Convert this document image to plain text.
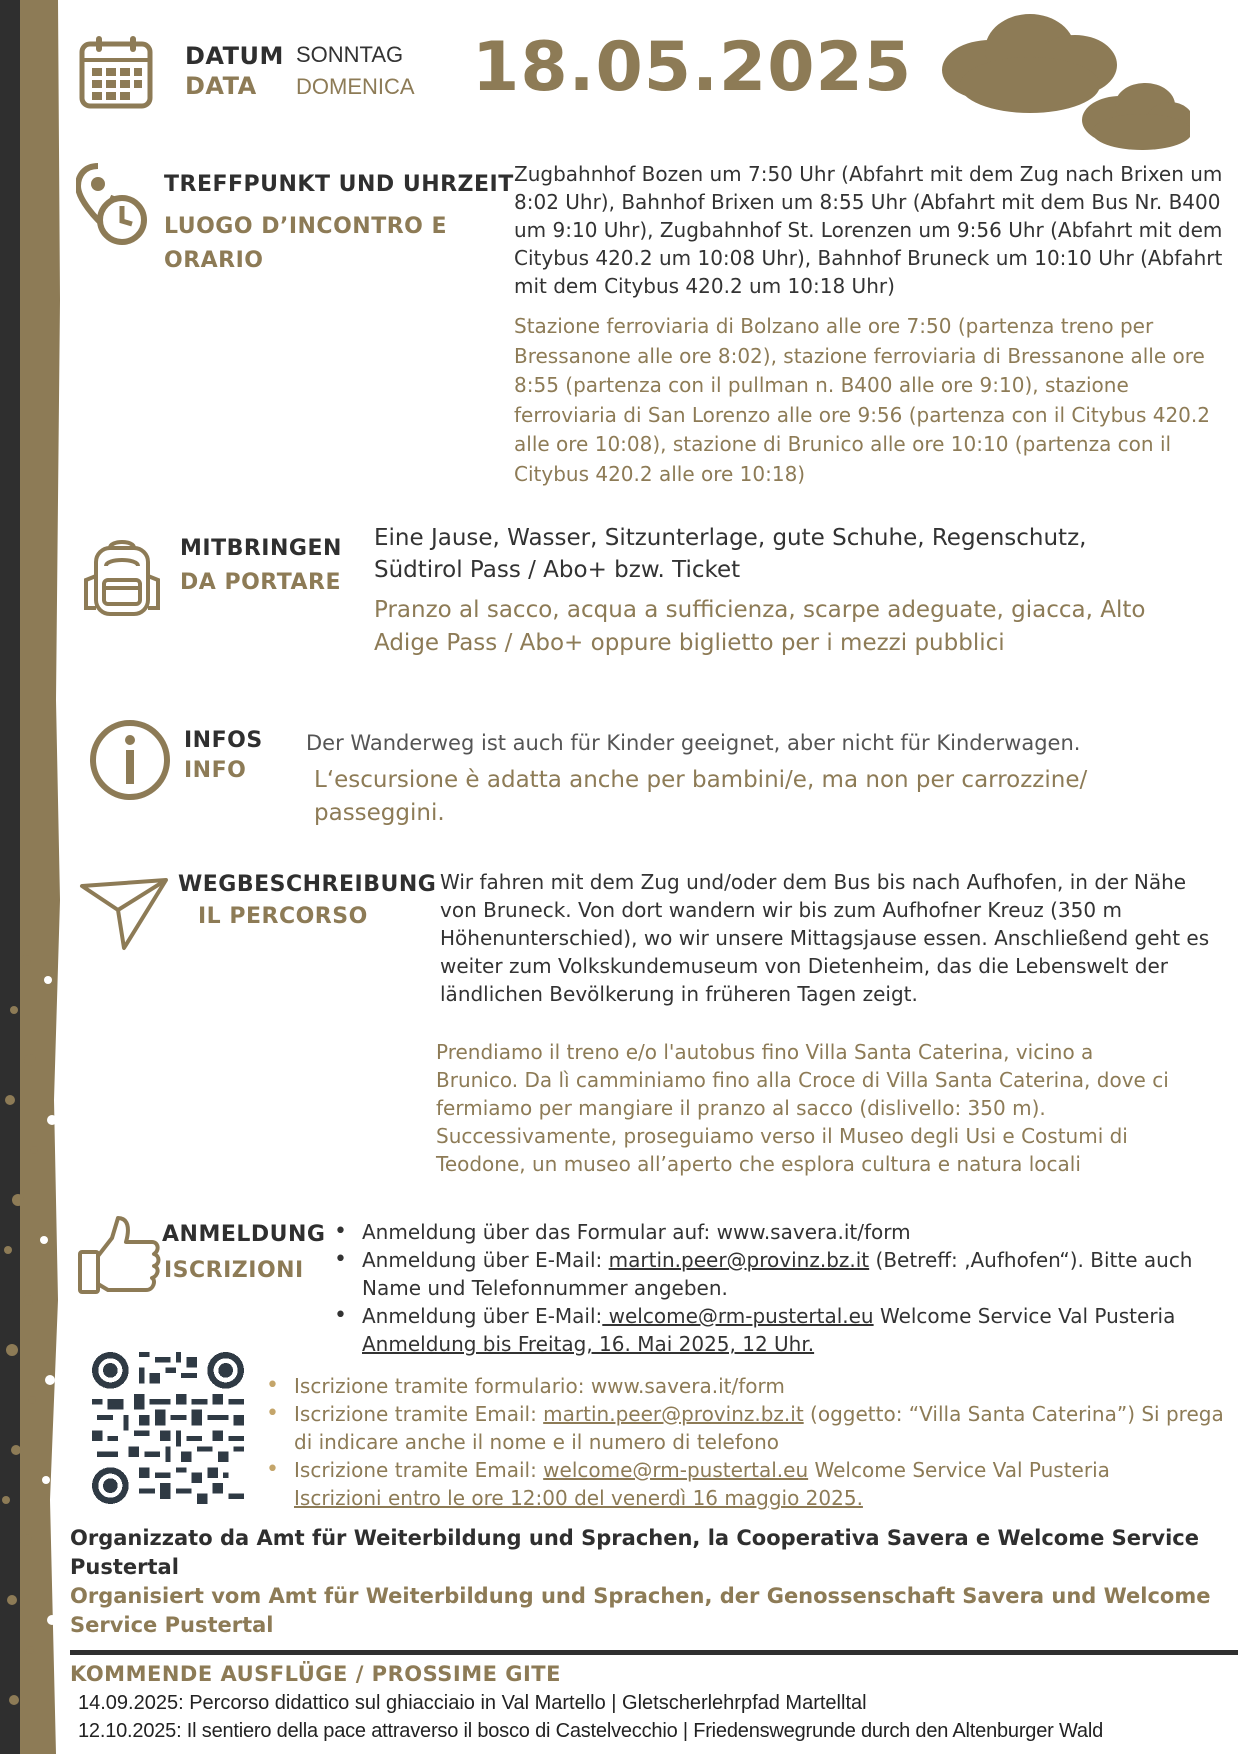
DATUM
DATA
SONNTAG
DOMENICA 18.05.2025
TREFFPUNKT UND UHRZEIT
LUOGO D’INCONTRO E ORARIO
Zugbahnhof Bozen um 7:50 Uhr (Abfahrt mit dem Zug nach Brixen um 8:02 Uhr), Bahnhof Brixen um 8:55 Uhr (Abfahrt mit dem Bus Nr. B400 um 9:10 Uhr), Zugbahnhof St. Lorenzen um 9:56 Uhr (Abfahrt mit dem Citybus 420.2 um 10:08 Uhr), Bahnhof Bruneck um 10:10 Uhr (Abfahrt mit dem Citybus 420.2 um 10:18 Uhr)
Stazione ferroviaria di Bolzano alle ore 7:50 (partenza treno per Bressanone alle ore 8:02), stazione ferroviaria di Bressanone alle ore 8:55 (partenza con il pullman n. B400 alle ore 9:10), stazione ferroviaria di San Lorenzo alle ore 9:56 (partenza con il Citybus 420.2 alle ore 10:08), stazione di Brunico alle ore 10:10 (partenza con il Citybus 420.2 alle ore 10:18)
MITBRINGEN
DA PORTARE
Eine Jause, Wasser, Sitzunterlage, gute Schuhe, Regenschutz, Südtirol Pass / Abo+ bzw. Ticket
Pranzo al sacco, acqua a sufficienza, scarpe adeguate, giacca, Alto Adige Pass / Abo+ oppure biglietto per i mezzi pubblici
INFOS
INFO
Der Wanderweg ist auch für Kinder geeignet, aber nicht für Kinderwagen.
L‘escursione è adatta anche per bambini/e, ma non per carrozzine/ passeggini.
WEGBESCHREIBUNG
IL PERCORSO
Wir fahren mit dem Zug und/oder dem Bus bis nach Aufhofen, in der Nähe von Bruneck. Von dort wandern wir bis zum Aufhofner Kreuz (350 m Höhenunterschied), wo wir unsere Mittagsjause essen. Anschließend geht es weiter zum Volkskundemuseum von Dietenheim, das die Lebenswelt der ländlichen Bevölkerung in früheren Tagen zeigt.
Prendiamo il treno e/o l'autobus fino Villa Santa Caterina, vicino a Brunico. Da lì camminiamo fino alla Croce di Villa Santa Caterina, dove ci fermiamo per mangiare il pranzo al sacco (dislivello: 350 m). Successivamente, proseguiamo verso il Museo degli Usi e Costumi di Teodone, un museo all’aperto che esplora cultura e natura locali
ANMELDUNG
ISCRIZIONI
• Anmeldung über das Formular auf: www.savera.it/form
• Anmeldung über E-Mail: martin.peer@provinz.bz.it (Betreff: ‚Aufhofen“). Bitte auch Name und Telefonnummer angeben.
• Anmeldung über E-Mail: welcome@rm-pustertal.eu Welcome Service Val Pusteria
Anmeldung bis Freitag, 16. Mai 2025, 12 Uhr.
• Iscrizione tramite formulario: www.savera.it/form
• Iscrizione tramite Email: martin.peer@provinz.bz.it (oggetto: “Villa Santa Caterina”) Si prega di indicare anche il nome e il numero di telefono
• Iscrizione tramite Email: welcome@rm-pustertal.eu Welcome Service Val Pusteria
Iscrizioni entro le ore 12:00 del venerdì 16 maggio 2025.
Organizzato da Amt für Weiterbildung und Sprachen, la Cooperativa Savera e Welcome Service Pustertal
Organisiert vom Amt für Weiterbildung und Sprachen, der Genossenschaft Savera und Welcome Service Pustertal
KOMMENDE AUSFLÜGE / PROSSIME GITE
14.09.2025: Percorso didattico sul ghiacciaio in Val Martello | Gletscherlehrpfad Martelltal
12.10.2025: Il sentiero della pace attraverso il bosco di Castelvecchio | Friedenswegrunde durch den Altenburger Wald
